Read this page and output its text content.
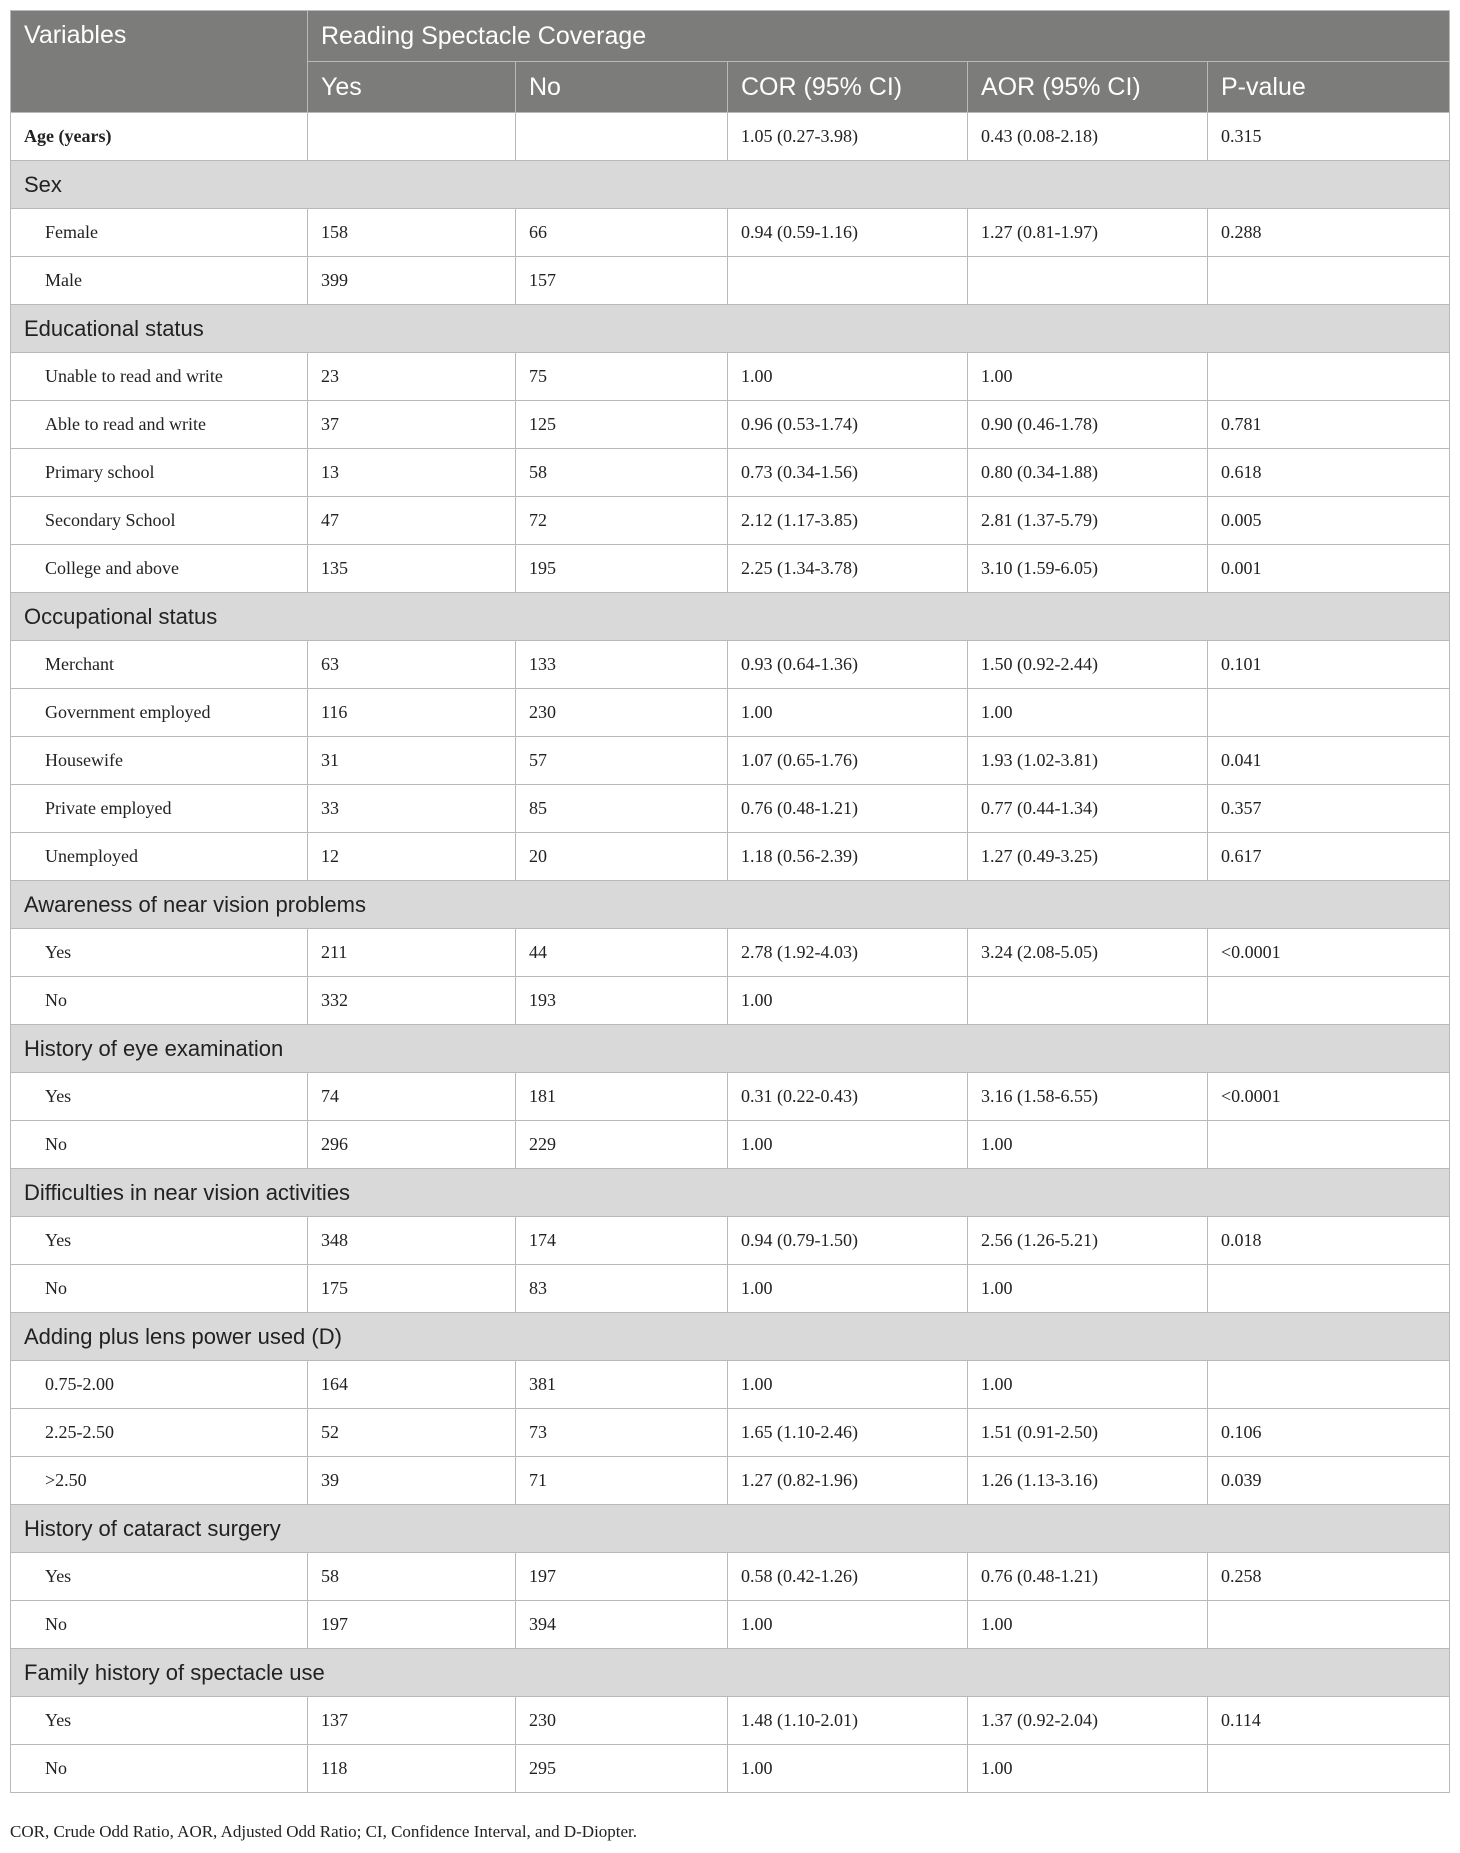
Variables	Reading Spectacle Coverage				
	Yes	No	COR (95% CI)	AOR (95% CI)	P-value
Age (years)			1.05 (0.27-3.98)	0.43 (0.08-2.18)	0.315
Sex					
Female	158	66	0.94 (0.59-1.16)	1.27 (0.81-1.97)	0.288
Male	399	157			
Educational status					
Unable to read and write	23	75	1.00	1.00	
Able to read and write	37	125	0.96 (0.53-1.74)	0.90 (0.46-1.78)	0.781
Primary school	13	58	0.73 (0.34-1.56)	0.80 (0.34-1.88)	0.618
Secondary School	47	72	2.12 (1.17-3.85)	2.81 (1.37-5.79)	0.005
College and above	135	195	2.25 (1.34-3.78)	3.10 (1.59-6.05)	0.001
Occupational status					
Merchant	63	133	0.93 (0.64-1.36)	1.50 (0.92-2.44)	0.101
Government employed	116	230	1.00	1.00	
Housewife	31	57	1.07 (0.65-1.76)	1.93 (1.02-3.81)	0.041
Private employed	33	85	0.76 (0.48-1.21)	0.77 (0.44-1.34)	0.357
Unemployed	12	20	1.18 (0.56-2.39)	1.27 (0.49-3.25)	0.617
Awareness of near vision problems					
Yes	211	44	2.78 (1.92-4.03)	3.24 (2.08-5.05)	<0.0001
No	332	193	1.00		
History of eye examination					
Yes	74	181	0.31 (0.22-0.43)	3.16 (1.58-6.55)	<0.0001
No	296	229	1.00	1.00	
Difficulties in near vision activities					
Yes	348	174	0.94 (0.79-1.50)	2.56 (1.26-5.21)	0.018
No	175	83	1.00	1.00	
Adding plus lens power used (D)					
0.75-2.00	164	381	1.00	1.00	
2.25-2.50	52	73	1.65 (1.10-2.46)	1.51 (0.91-2.50)	0.106
>2.50	39	71	1.27 (0.82-1.96)	1.26 (1.13-3.16)	0.039
History of cataract surgery					
Yes	58	197	0.58 (0.42-1.26)	0.76 (0.48-1.21)	0.258
No	197	394	1.00	1.00	
Family history of spectacle use					
Yes	137	230	1.48 (1.10-2.01)	1.37 (0.92-2.04)	0.114
No	118	295	1.00	1.00	
COR, Crude Odd Ratio, AOR, Adjusted Odd Ratio; CI, Confidence Interval, and D-Diopter.
